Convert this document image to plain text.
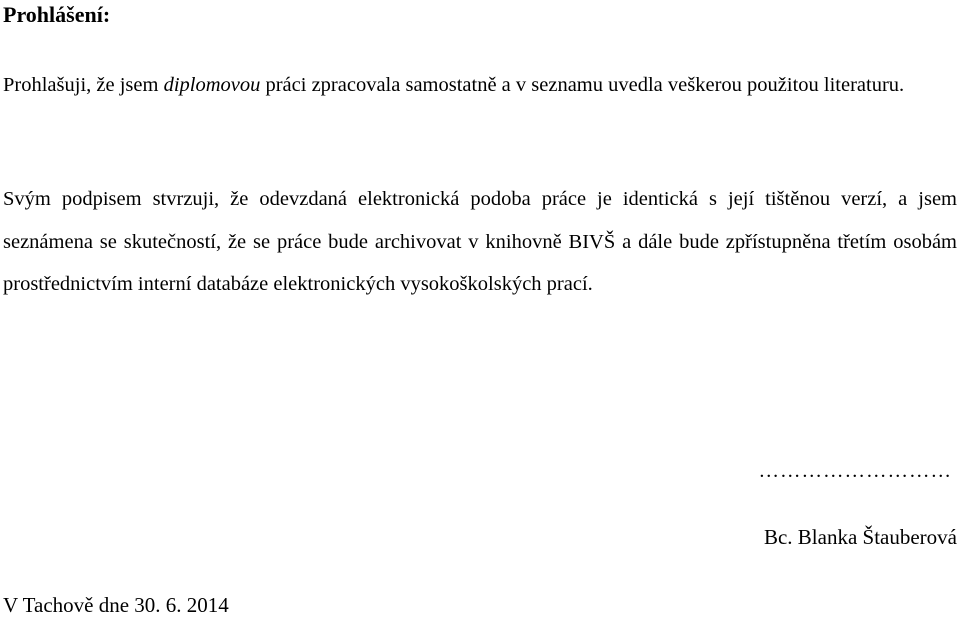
Prohlášení:

Prohlašuji, že jsem diplomovou práci zpracovala samostatně a v seznamu uvedla veškerou použitou literaturu.

Svým podpisem stvrzuji, že odevzdaná elektronická podoba práce je identická s její tištěnou verzí, a jsem seznámena se skutečností, že se práce bude archivovat v knihovně BIVŠ a dále bude zpřístupněna třetím osobám prostřednictvím interní databáze elektronických vysokoškolských prací.

………………………
Bc. Blanka Štauberová
V Tachově dne 30. 6. 2014
